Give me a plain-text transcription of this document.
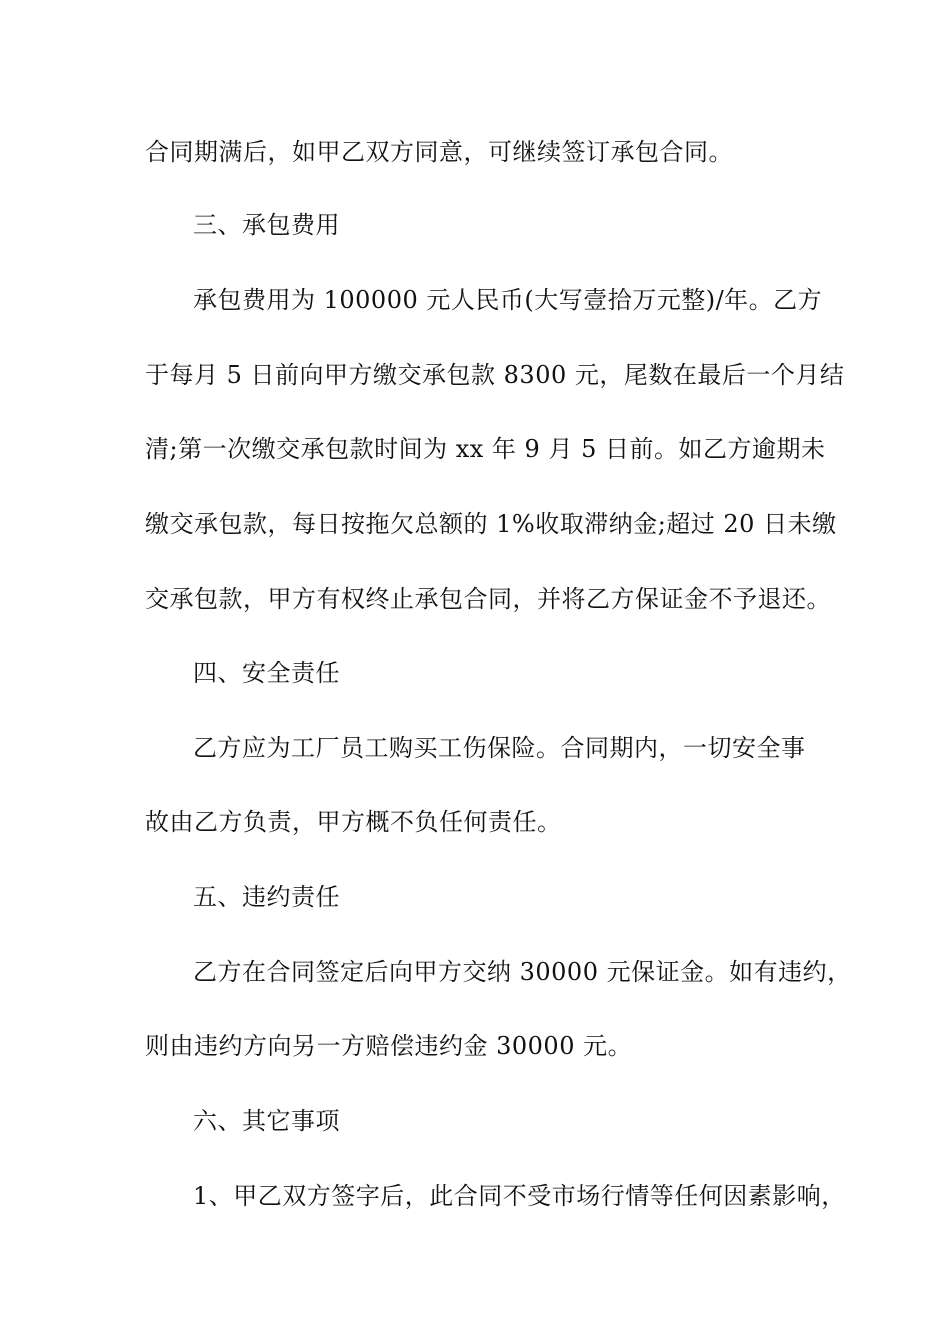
合同期满后，如甲乙双方同意，可继续签订承包合同。
三、承包费用
承包费用为 100000 元人民币(大写壹拾万元整)/年。乙方
于每月 5 日前向甲方缴交承包款 8300 元，尾数在最后一个月结
清;第一次缴交承包款时间为 xx 年 9 月 5 日前。如乙方逾期未
缴交承包款，每日按拖欠总额的 1%收取滞纳金;超过 20 日未缴
交承包款，甲方有权终止承包合同，并将乙方保证金不予退还。
四、安全责任
乙方应为工厂员工购买工伤保险。合同期内，一切安全事
故由乙方负责，甲方概不负任何责任。
五、违约责任
乙方在合同签定后向甲方交纳 30000 元保证金。如有违约，
则由违约方向另一方赔偿违约金 30000 元。
六、其它事项
1、甲乙双方签字后，此合同不受市场行情等任何因素影响，
